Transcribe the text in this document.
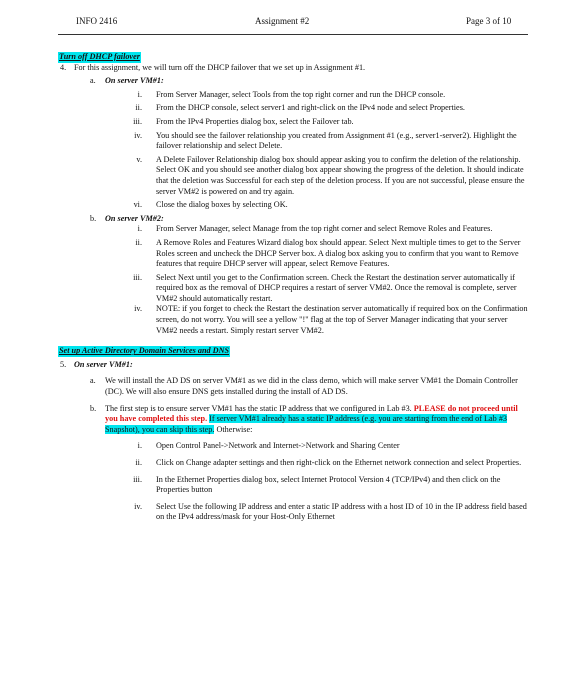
INFO 2416	Assignment #2	Page 3 of 10
Turn off DHCP failover
4. For this assignment, we will turn off the DHCP failover that we set up in Assignment #1.
a. On server VM#1:
i. From Server Manager, select Tools from the top right corner and run the DHCP console.
ii. From the DHCP console, select server1 and right-click on the IPv4 node and select Properties.
iii. From the IPv4 Properties dialog box, select the Failover tab.
iv. You should see the failover relationship you created from Assignment #1 (e.g., server1-server2). Highlight the failover relationship and select Delete.
v. A Delete Failover Relationship dialog box should appear asking you to confirm the deletion of the relationship. Select OK and you should see another dialog box appear showing the progress of the deletion. It should indicate that the deletion was Successful for each step of the deletion process. If you are not successful, please ensure the server VM#2 is powered on and try again.
vi. Close the dialog boxes by selecting OK.
b. On server VM#2:
i. From Server Manager, select Manage from the top right corner and select Remove Roles and Features.
ii. A Remove Roles and Features Wizard dialog box should appear. Select Next multiple times to get to the Server Roles screen and uncheck the DHCP Server box. A dialog box asking you to confirm that you want to Remove features that require DHCP server will appear, select Remove Features.
iii. Select Next until you get to the Confirmation screen. Check the Restart the destination server automatically if required box as the removal of DHCP requires a restart of server VM#2. Once the removal is complete, server VM#2 should automatically restart.
iv. NOTE: if you forget to check the Restart the destination server automatically if required box on the Confirmation screen, do not worry. You will see a yellow "!" flag at the top of Server Manager indicating that your server VM#2 needs a restart. Simply restart server VM#2.
Set up Active Directory Domain Services and DNS
5. On server VM#1:
a. We will install the AD DS on server VM#1 as we did in the class demo, which will make server VM#1 the Domain Controller (DC). We will also ensure DNS gets installed during the install of AD DS.
b. The first step is to ensure server VM#1 has the static IP address that we configured in Lab #3. PLEASE do not proceed until you have completed this step. If server VM#1 already has a static IP address (e.g. you are starting from the end of Lab #3 Snapshot), you can skip this step. Otherwise:
i. Open Control Panel->Network and Internet->Network and Sharing Center
ii. Click on Change adapter settings and then right-click on the Ethernet network connection and select Properties.
iii. In the Ethernet Properties dialog box, select Internet Protocol Version 4 (TCP/IPv4) and then click on the Properties button
iv. Select Use the following IP address and enter a static IP address with a host ID of 10 in the IP address field based on the IPv4 address/mask for your Host-Only Ethernet
